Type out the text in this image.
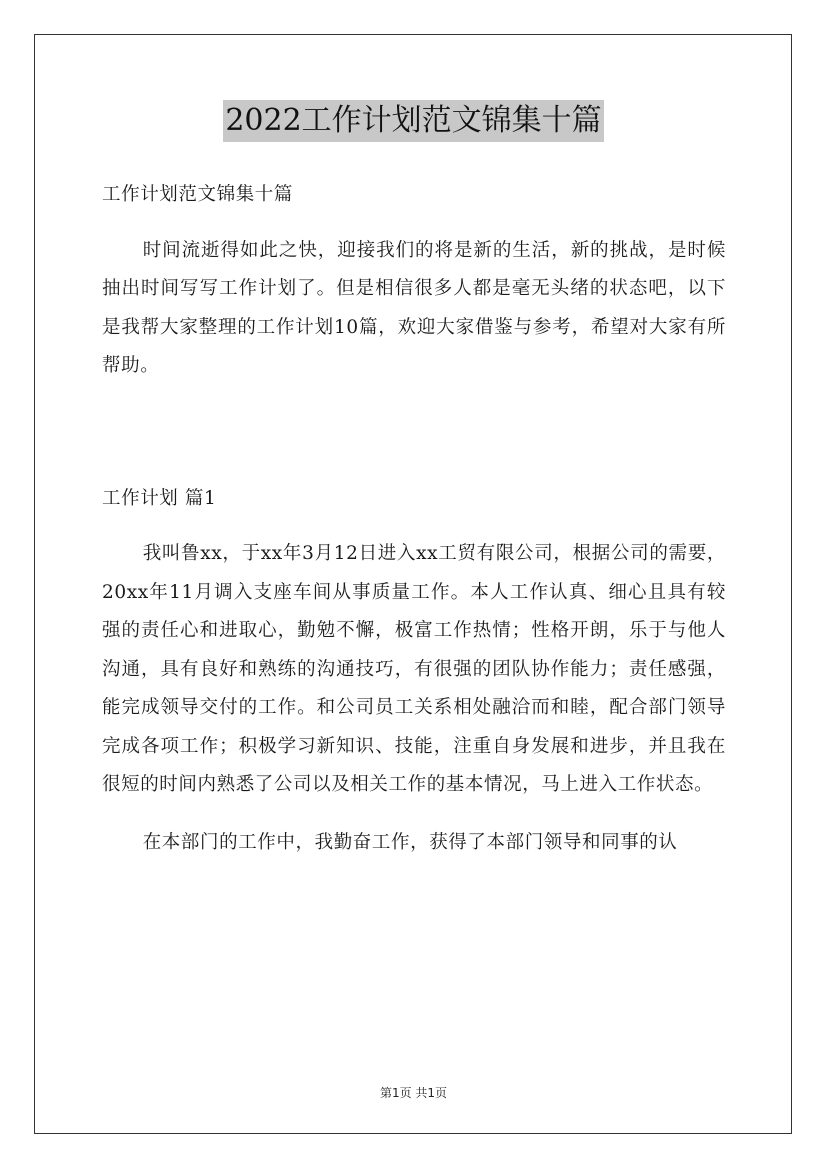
2022工作计划范文锦集十篇

工作计划范文锦集十篇

时间流逝得如此之快，迎接我们的将是新的生活，新的挑战，是时候抽出时间写写工作计划了。但是相信很多人都是毫无头绪的状态吧，以下是我帮大家整理的工作计划10篇，欢迎大家借鉴与参考，希望对大家有所帮助。

工作计划 篇1

我叫鲁xx，于xx年3月12日进入xx工贸有限公司，根据公司的需要，20xx年11月调入支座车间从事质量工作。本人工作认真、细心且具有较强的责任心和进取心，勤勉不懈，极富工作热情；性格开朗，乐于与他人沟通，具有良好和熟练的沟通技巧，有很强的团队协作能力；责任感强，能完成领导交付的工作。和公司员工关系相处融洽而和睦，配合部门领导完成各项工作；积极学习新知识、技能，注重自身发展和进步，并且我在很短的时间内熟悉了公司以及相关工作的基本情况，马上进入工作状态。

在本部门的工作中，我勤奋工作，获得了本部门领导和同事的认

第1页 共1页
